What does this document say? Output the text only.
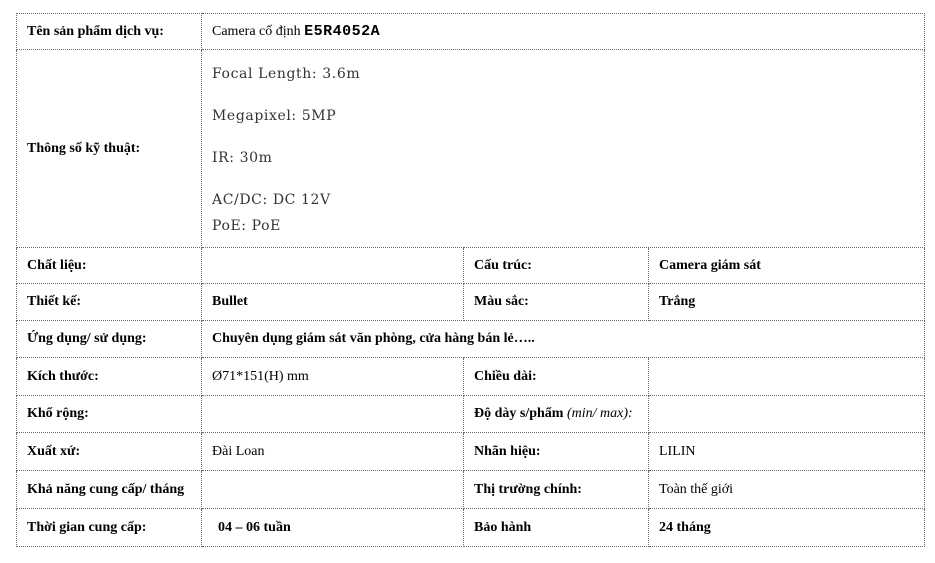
Tên sản phẩm dịch vụ:	Camera cố định E5R4052A		
Thông số kỹ thuật:	Focal Length: 3.6m
Megapixel: 5MP
IR: 30m
AC/DC: DC 12V
PoE: PoE		

Chất liệu:		Cấu trúc:	Camera giám sát
Thiết kế:	Bullet	Màu sắc:	Trắng
Ứng dụng/ sử dụng:	Chuyên dụng giám sát văn phòng, cửa hàng bán lẻ…..		
Kích thước:	Ø71*151(H) mm	Chiều dài:	
Khổ rộng:		Độ dày s/phẩm (min/ max):	
Xuất xứ:	Đài Loan	Nhãn hiệu:	LILIN
Khả năng cung cấp/ tháng		Thị trường chính:	Toàn thế giới
Thời gian cung cấp:	04 – 06 tuần	Bảo hành	24 tháng
